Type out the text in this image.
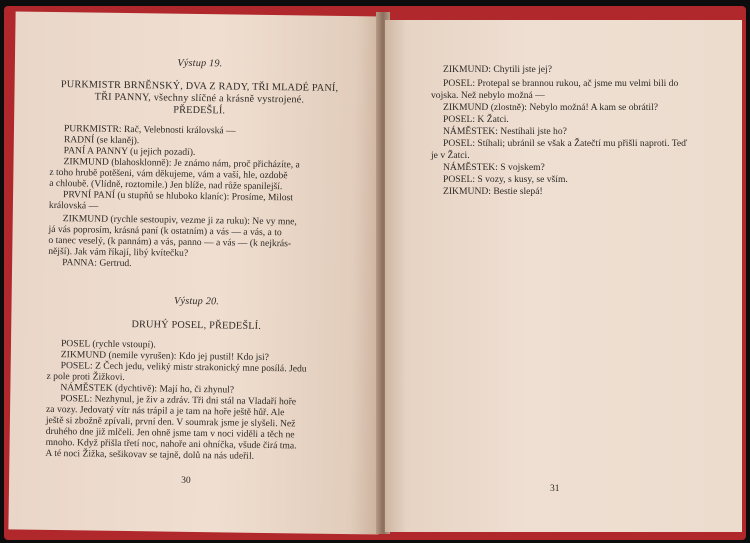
Výstup 19.
PURKMISTR BRNĚNSKÝ, DVA Z RADY, TŘI MLADÉ PANÍ,
TŘI PANNY, všechny slíčné a krásně vystrojené.
PŘEDEŠLÍ.
PURKMISTR: Rač, Velebnosti královská —
RADNÍ (se klaněj).
PANÍ A PANNY (u jejich pozadí).
ZIKMUND (blahosklonně): Je známo nám, proč přicházíte, a
z toho hrubě potěšeni, vám děkujeme, vám a vaší, hle, ozdobě
a chloubě. (Vlídně, roztomile.) Jen blíže, nad růže spanilejší.
PRVNÍ PANÍ (u stupňů se hluboko klaníc): Prosíme, Milost
královská —
ZIKMUND (rychle sestoupiv, vezme ji za ruku): Ne vy mne,
já vás poprosím, krásná paní (k ostatním) a vás — a vás, a to
o tanec veselý, (k pannám) a vás, panno — a vás — (k nejkrás-
nější). Jak vám říkají, libý kvítečku?
PANNA: Gertrud.
Výstup 20.
DRUHÝ POSEL, PŘEDEŠLÍ.
POSEL (rychle vstoupí).
ZIKMUND (nemile vyrušen): Kdo jej pustil! Kdo jsi?
POSEL: Z Čech jedu, veliký mistr strakonický mne posílá. Jedu
z pole proti Žižkovi.
NÁMĚSTEK (dychtivě): Mají ho, či zhynul?
POSEL: Nezhynul, je živ a zdráv. Tři dni stál na Vladaří hoře
za vozy. Jedovatý vítr nás trápil a je tam na hoře ještě hůř. Ale
ještě si zbožně zpívali, první den. V soumrak jsme je slyšeli. Než
druhého dne již mlčeli. Jen ohně jsme tam v noci viděli a těch ne
mnoho. Když přišla třetí noc, nahoře ani ohníčka, všude čirá tma.
A té noci Žižka, sešikovav se tajně, dolů na nás udeřil.
30
ZIKMUND: Chytili jste jej?
POSEL: Protepal se brannou rukou, ač jsme mu velmi bili do
vojska. Než nebylo možná —
ZIKMUND (zlostně): Nebylo možná! A kam se obrátil?
POSEL: K Žatci.
NÁMĚSTEK: Nestíhali jste ho?
POSEL: Stíhali; ubránil se však a Žatečtí mu přišli naproti. Teď
je v Žatci.
NÁMĚSTEK: S vojskem?
POSEL: S vozy, s kusy, se vším.
ZIKMUND: Bestie slepá!
31
